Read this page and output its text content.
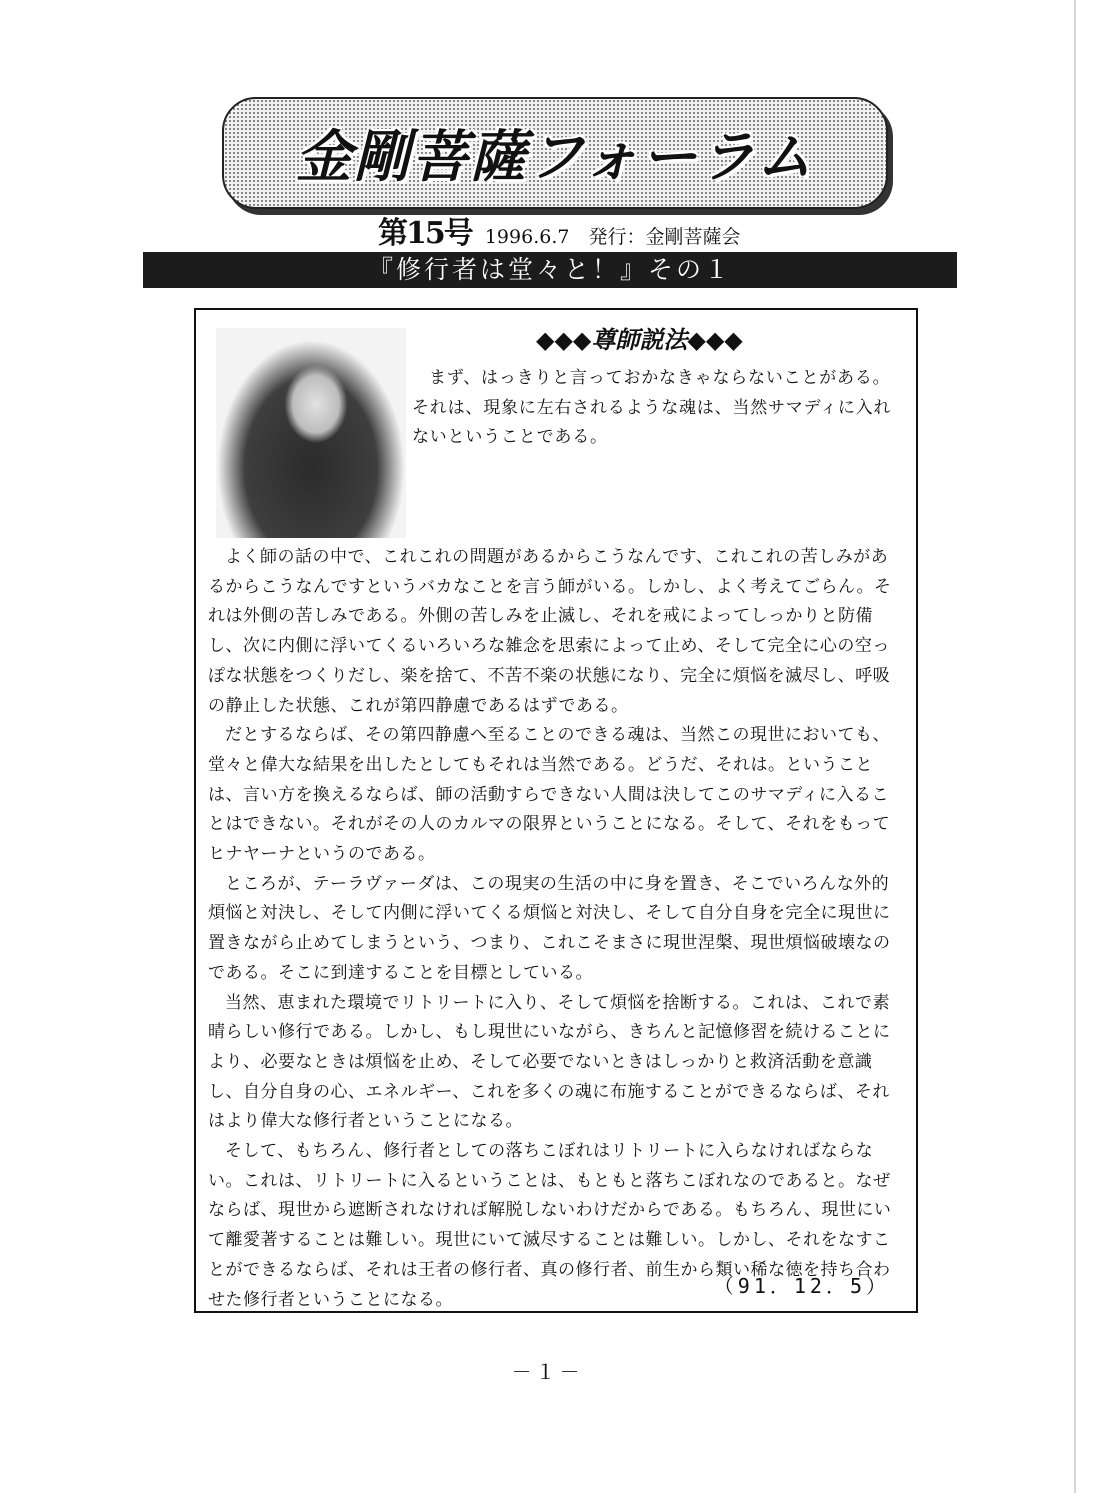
金剛菩薩フォーラム
第15号 1996.6.7 発行：金剛菩薩会
『修行者は堂々と！』その１
◆◆◆尊師説法◆◆◆

まず、はっきりと言っておかなきゃならないことがある。それは、現象に左右されるような魂は、当然サマディに入れないということである。

よく師の話の中で、これこれの問題があるからこうなんです、これこれの苦しみがあるからこうなんですというバカなことを言う師がいる。しかし、よく考えてごらん。それは外側の苦しみである。外側の苦しみを止滅し、それを戒によってしっかりと防備し、次に内側に浮いてくるいろいろな雑念を思索によって止め、そして完全に心の空っぽな状態をつくりだし、楽を捨て、不苦不楽の状態になり、完全に煩悩を滅尽し、呼吸の静止した状態、これが第四静慮であるはずである。

だとするならば、その第四静慮へ至ることのできる魂は、当然この現世においても、堂々と偉大な結果を出したとしてもそれは当然である。どうだ、それは。ということは、言い方を換えるならば、師の活動すらできない人間は決してこのサマディに入ることはできない。それがその人のカルマの限界ということになる。そして、それをもってヒナヤーナというのである。

ところが、テーラヴァーダは、この現実の生活の中に身を置き、そこでいろんな外的煩悩と対決し、そして内側に浮いてくる煩悩と対決し、そして自分自身を完全に現世に置きながら止めてしまうという、つまり、これこそまさに現世涅槃、現世煩悩破壊なのである。そこに到達することを目標としている。

当然、恵まれた環境でリトリートに入り、そして煩悩を捨断する。これは、これで素晴らしい修行である。しかし、もし現世にいながら、きちんと記憶修習を続けることにより、必要なときは煩悩を止め、そして必要でないときはしっかりと救済活動を意識し、自分自身の心、エネルギー、これを多くの魂に布施することができるならば、それはより偉大な修行者ということになる。

そして、もちろん、修行者としての落ちこぼれはリトリートに入らなければならない。これは、リトリートに入るということは、もともと落ちこぼれなのであると。なぜならば、現世から遮断されなければ解脱しないわけだからである。もちろん、現世にいて離愛著することは難しい。現世にいて滅尽することは難しい。しかし、それをなすことができるならば、それは王者の修行者、真の修行者、前生から類い稀な徳を持ち合わせた修行者ということになる。

（91．12．5）
－１－
